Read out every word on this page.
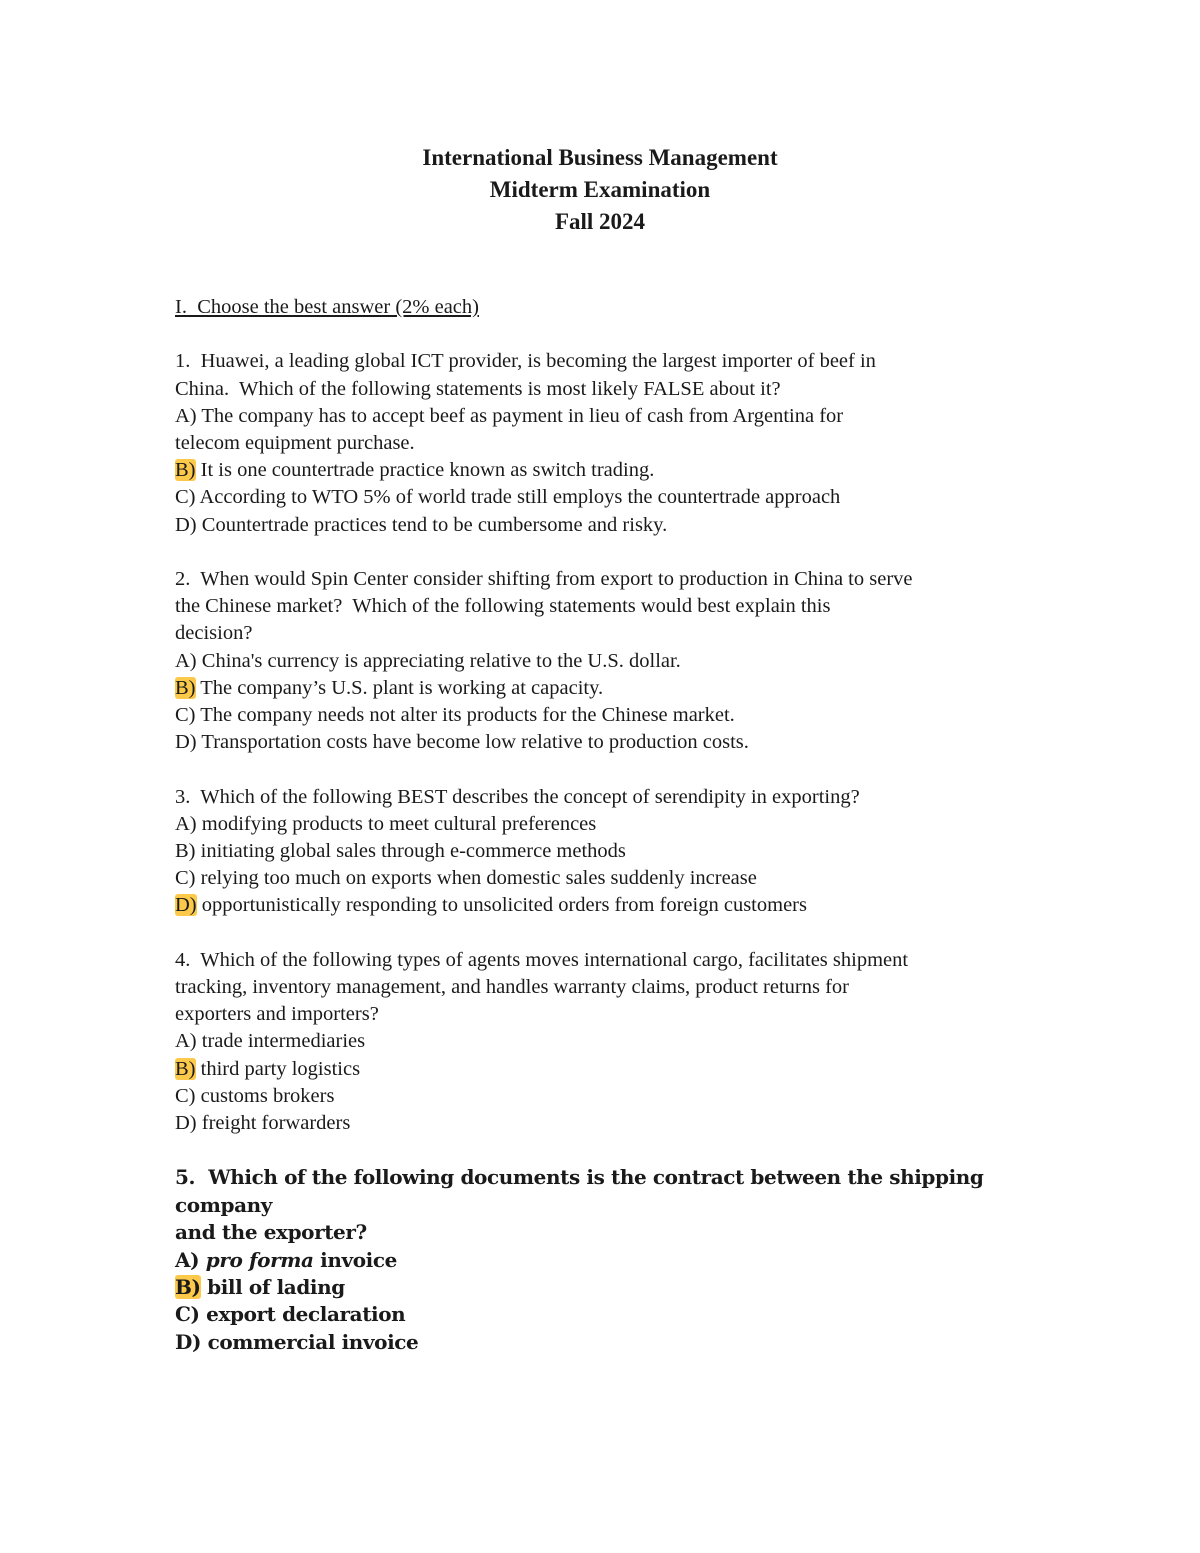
International Business Management
Midterm Examination
Fall 2024

I.  Choose the best answer (2% each)

1.  Huawei, a leading global ICT provider, is becoming the largest importer of beef in

China.  Which of the following statements is most likely FALSE about it?

A) The company has to accept beef as payment in lieu of cash from Argentina for

telecom equipment purchase.

B) It is one countertrade practice known as switch trading.

C) According to WTO 5% of world trade still employs the countertrade approach

D) Countertrade practices tend to be cumbersome and risky.

2.  When would Spin Center consider shifting from export to production in China to serve

the Chinese market?  Which of the following statements would best explain this

decision?

A) China's currency is appreciating relative to the U.S. dollar.

B) The company’s U.S. plant is working at capacity.

C) The company needs not alter its products for the Chinese market.

D) Transportation costs have become low relative to production costs.

3.  Which of the following BEST describes the concept of serendipity in exporting?

A) modifying products to meet cultural preferences

B) initiating global sales through e-commerce methods

C) relying too much on exports when domestic sales suddenly increase

D) opportunistically responding to unsolicited orders from foreign customers

4.  Which of the following types of agents moves international cargo, facilitates shipment

tracking, inventory management, and handles warranty claims, product returns for

exporters and importers?

A) trade intermediaries

B) third party logistics

C) customs brokers

D) freight forwarders

5.  Which of the following documents is the contract between the shipping company

and the exporter?

A) pro forma invoice

B) bill of lading

C) export declaration

D) commercial invoice
